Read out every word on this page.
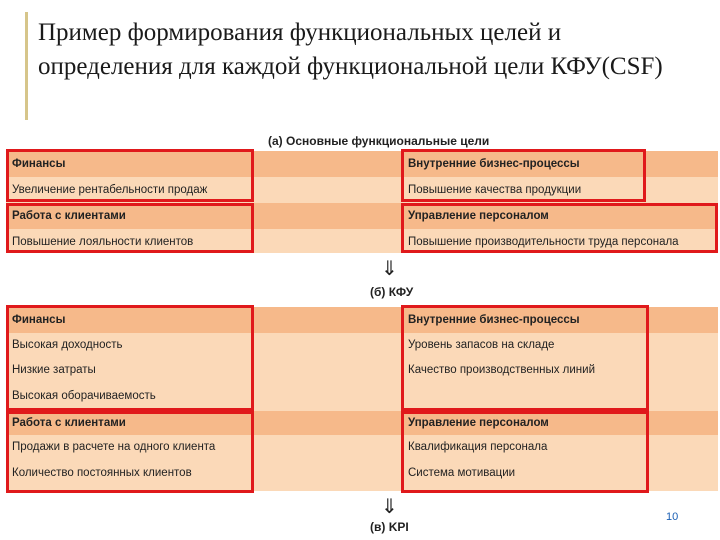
Пример формирования функциональных целей и определения для каждой функциональной цели КФУ(CSF)
(а) Основные функциональные цели
Финансы	Внутренние бизнес-процессы
Увеличение рентабельности продаж	Повышение качества продукции
Работа с клиентами	Управление персоналом
Повышение лояльности клиентов	Повышение производительности труда персонала
⇓
(б) КФУ
Финансы	Внутренние бизнес-процессы
Высокая доходность	Уровень запасов на складе
Низкие затраты	Качество производственных линий
Высокая оборачиваемость
Работа с клиентами	Управление персоналом
Продажи в расчете на одного клиента	Квалификация персонала
Количество постоянных клиентов	Система мотивации
⇓
(в) KPI
10
